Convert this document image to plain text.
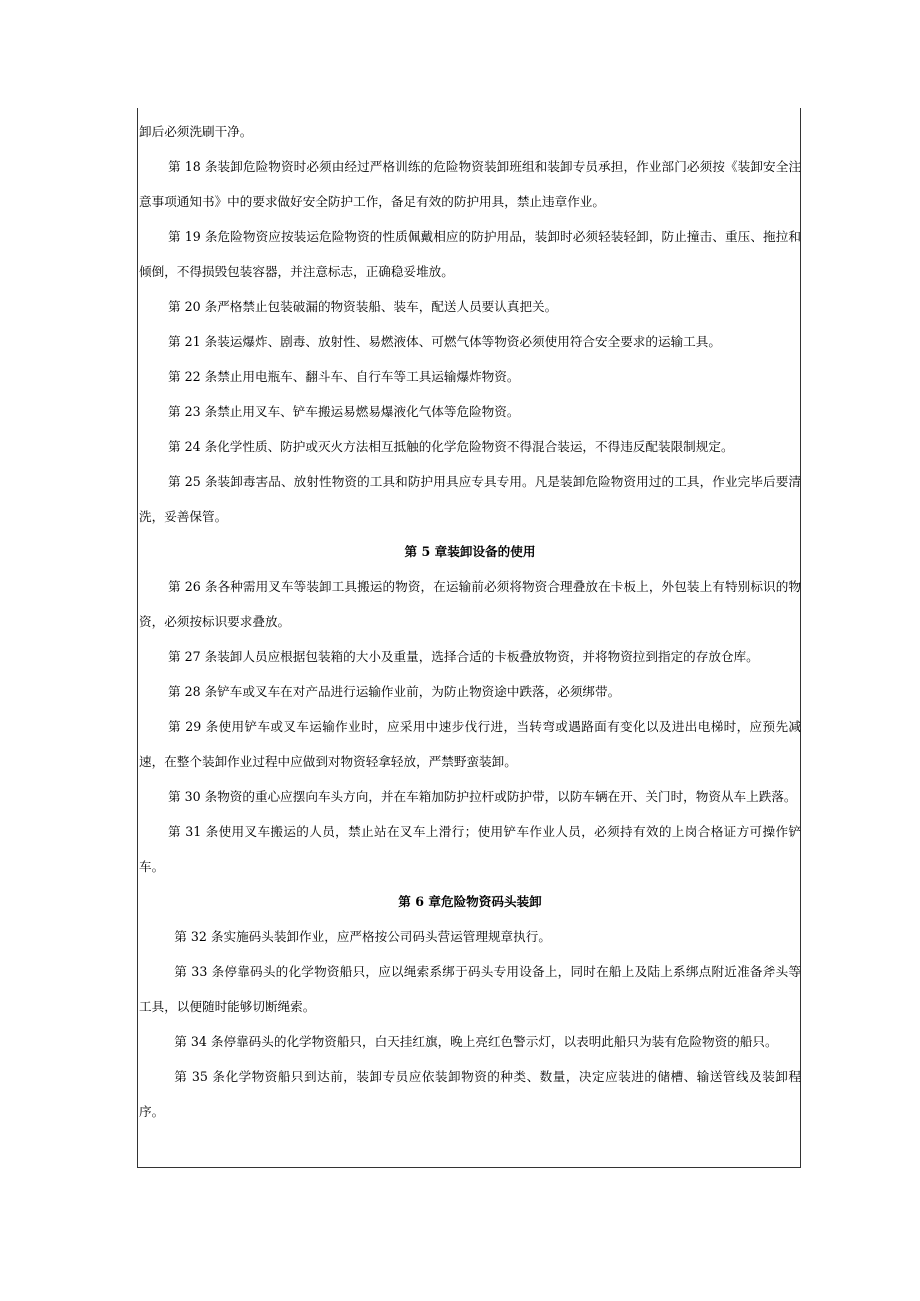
卸后必须洗刷干净。

第 18 条装卸危险物资时必须由经过严格训练的危险物资装卸班组和装卸专员承担，作业部门必须按《装卸安全注意事项通知书》中的要求做好安全防护工作，备足有效的防护用具，禁止违章作业。

第 19 条危险物资应按装运危险物资的性质佩戴相应的防护用品，装卸时必须轻装轻卸，防止撞击、重压、拖拉和倾倒，不得损毁包装容器，并注意标志，正确稳妥堆放。

第 20 条严格禁止包装破漏的物资装船、装车，配送人员要认真把关。

第 21 条装运爆炸、剧毒、放射性、易燃液体、可燃气体等物资必须使用符合安全要求的运输工具。

第 22 条禁止用电瓶车、翻斗车、自行车等工具运输爆炸物资。

第 23 条禁止用叉车、铲车搬运易燃易爆液化气体等危险物资。

第 24 条化学性质、防护或灭火方法相互抵触的化学危险物资不得混合装运，不得违反配装限制规定。

第 25 条装卸毒害品、放射性物资的工具和防护用具应专具专用。凡是装卸危险物资用过的工具，作业完毕后要清洗，妥善保管。

第 5 章装卸设备的使用

第 26 条各种需用叉车等装卸工具搬运的物资，在运输前必须将物资合理叠放在卡板上，外包装上有特别标识的物资，必须按标识要求叠放。

第 27 条装卸人员应根据包装箱的大小及重量，选择合适的卡板叠放物资，并将物资拉到指定的存放仓库。

第 28 条铲车或叉车在对产品进行运输作业前，为防止物资途中跌落，必须绑带。

第 29 条使用铲车或叉车运输作业时，应采用中速步伐行进，当转弯或遇路面有变化以及进出电梯时，应预先减速，在整个装卸作业过程中应做到对物资轻拿轻放，严禁野蛮装卸。

第 30 条物资的重心应摆向车头方向，并在车箱加防护拉杆或防护带，以防车辆在开、关门时，物资从车上跌落。

第 31 条使用叉车搬运的人员，禁止站在叉车上滑行；使用铲车作业人员，必须持有效的上岗合格证方可操作铲车。

第 6 章危险物资码头装卸

第 32 条实施码头装卸作业，应严格按公司码头营运管理规章执行。

第 33 条停靠码头的化学物资船只，应以绳索系绑于码头专用设备上，同时在船上及陆上系绑点附近准备斧头等工具，以便随时能够切断绳索。

第 34 条停靠码头的化学物资船只，白天挂红旗，晚上亮红色警示灯，以表明此船只为装有危险物资的船只。

第 35 条化学物资船只到达前，装卸专员应依装卸物资的种类、数量，决定应装进的储槽、输送管线及装卸程序。
